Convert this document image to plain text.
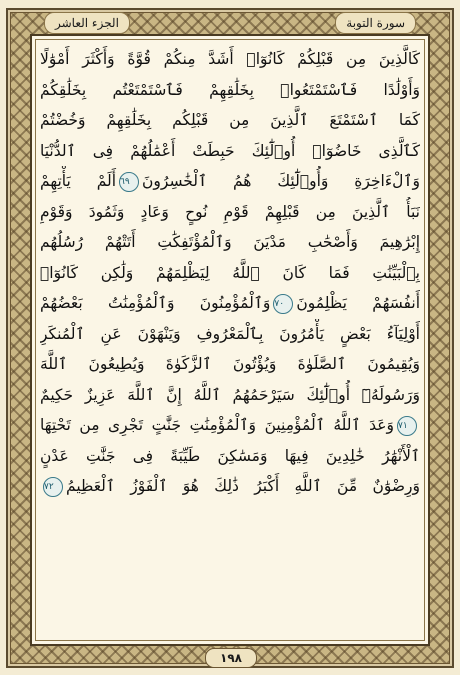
الجزء العاشر	سورة التوبة
كَالَّذِينَ مِن قَبْلِكُمْ كَانُوٓا۟ أَشَدَّ مِنكُمْ قُوَّةً وَأَكْثَرَ أَمْوَٰلًا
وَأَوْلَٰدًا فَٱسْتَمْتَعُوا۟ بِخَلَٰقِهِمْ فَٱسْتَمْتَعْتُم بِخَلَٰقِكُمْ
كَمَا ٱسْتَمْتَعَ ٱلَّذِينَ مِن قَبْلِكُم بِخَلَٰقِهِمْ وَخُضْتُمْ
كَٱلَّذِى خَاضُوٓا۟ أُو۟لَٰٓئِكَ حَبِطَتْ أَعْمَٰلُهُمْ فِى ٱلدُّنْيَا
وَٱلْءَاخِرَةِ وَأُو۟لَٰٓئِكَ هُمُ ٱلْخَٰسِرُونَ٦٩أَلَمْ يَأْتِهِمْ
نَبَأُ ٱلَّذِينَ مِن قَبْلِهِمْ قَوْمِ نُوحٍ وَعَادٍ وَثَمُودَ وَقَوْمِ
إِبْرَٰهِيمَ وَأَصْحَٰبِ مَدْيَنَ وَٱلْمُؤْتَفِكَٰتِ أَتَتْهُمْ رُسُلُهُم
بِٱلْبَيِّنَٰتِ فَمَا كَانَ ٱللَّهُ لِيَظْلِمَهُمْ وَلَٰكِن كَانُوٓا۟
أَنفُسَهُمْ يَظْلِمُونَ٧٠وَٱلْمُؤْمِنُونَ وَٱلْمُؤْمِنَٰتُ بَعْضُهُمْ
أَوْلِيَآءُ بَعْضٍ يَأْمُرُونَ بِٱلْمَعْرُوفِ وَيَنْهَوْنَ عَنِ ٱلْمُنكَرِ
وَيُقِيمُونَ ٱلصَّلَوٰةَ وَيُؤْتُونَ ٱلزَّكَوٰةَ وَيُطِيعُونَ ٱللَّهَ
وَرَسُولَهُۥٓ أُو۟لَٰٓئِكَ سَيَرْحَمُهُمُ ٱللَّهُ إِنَّ ٱللَّهَ عَزِيزٌ حَكِيمٌ
٧١وَعَدَ ٱللَّهُ ٱلْمُؤْمِنِينَ وَٱلْمُؤْمِنَٰتِ جَنَّٰتٍ تَجْرِى مِن تَحْتِهَا
ٱلْأَنْهَٰرُ خَٰلِدِينَ فِيهَا وَمَسَٰكِنَ طَيِّبَةً فِى جَنَّٰتِ عَدْنٍ
وَرِضْوَٰنٌ مِّنَ ٱللَّهِ أَكْبَرُ ذَٰلِكَ هُوَ ٱلْفَوْزُ ٱلْعَظِيمُ٧٢
١٩٨
